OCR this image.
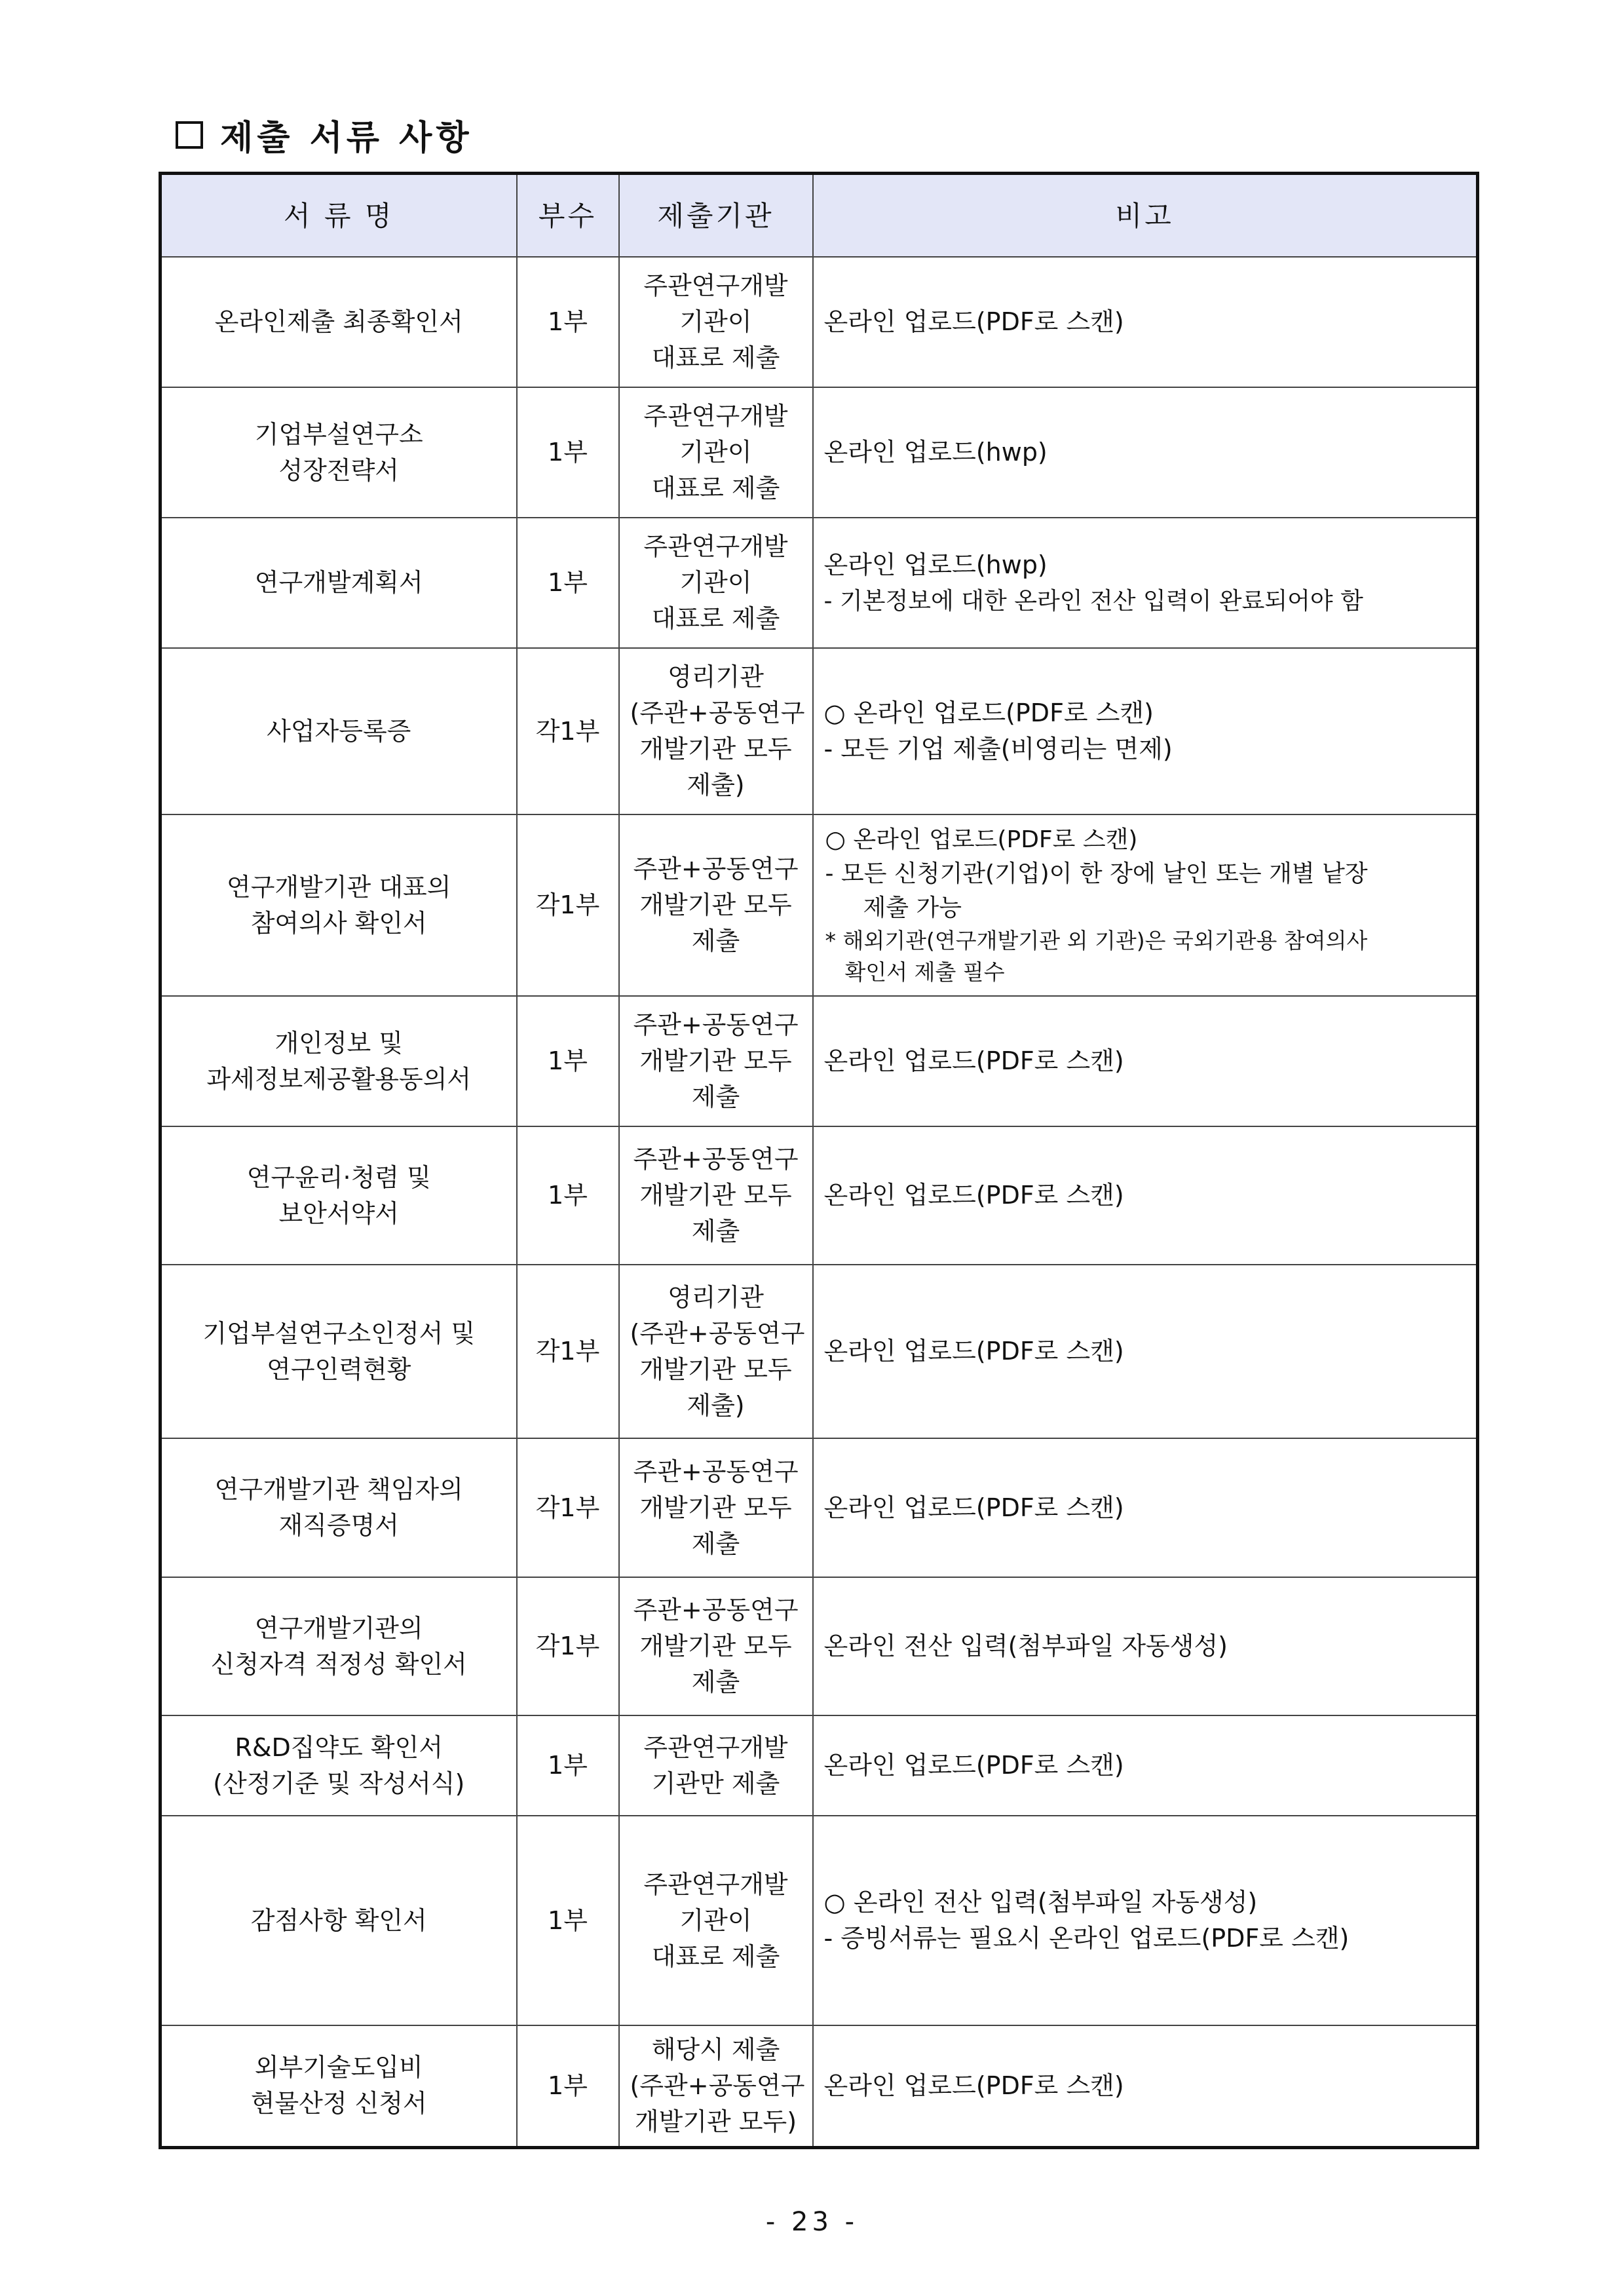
제출 서류 사항
서 류 명	부수	제출기관	비고

온라인제출 최종확인서	1부	주관연구개발
기관이
대표로 제출	온라인 업로드(PDF로 스캔)

기업부설연구소
성장전략서	1부	주관연구개발
기관이
대표로 제출	온라인 업로드(hwp)

연구개발계획서	1부	주관연구개발
기관이
대표로 제출	온라인 업로드(hwp)
- 기본정보에 대한 온라인 전산 입력이 완료되어야 함

사업자등록증	각1부	영리기관
(주관+공동연구
개발기관 모두
제출)	○ 온라인 업로드(PDF로 스캔)
- 모든 기업 제출(비영리는 면제)

연구개발기관 대표의
참여의사 확인서	각1부	주관+공동연구
개발기관 모두
제출	○ 온라인 업로드(PDF로 스캔)
- 모든 신청기관(기업)이 한 장에 날인 또는 개별 낱장
제출 가능
* 해외기관(연구개발기관 외 기관)은 국외기관용 참여의사
확인서 제출 필수

개인정보 및
과세정보제공활용동의서	1부	주관+공동연구
개발기관 모두
제출	온라인 업로드(PDF로 스캔)

연구윤리·청렴 및
보안서약서	1부	주관+공동연구
개발기관 모두
제출	온라인 업로드(PDF로 스캔)

기업부설연구소인정서 및
연구인력현황	각1부	영리기관
(주관+공동연구
개발기관 모두
제출)	온라인 업로드(PDF로 스캔)

연구개발기관 책임자의
재직증명서	각1부	주관+공동연구
개발기관 모두
제출	온라인 업로드(PDF로 스캔)

연구개발기관의
신청자격 적정성 확인서	각1부	주관+공동연구
개발기관 모두
제출	온라인 전산 입력(첨부파일 자동생성)

R&D집약도 확인서
(산정기준 및 작성서식)	1부	주관연구개발
기관만 제출	온라인 업로드(PDF로 스캔)

감점사항 확인서	1부	주관연구개발
기관이
대표로 제출	○ 온라인 전산 입력(첨부파일 자동생성)
- 증빙서류는 필요시 온라인 업로드(PDF로 스캔)

외부기술도입비
현물산정 신청서	1부	해당시 제출
(주관+공동연구
개발기관 모두)	온라인 업로드(PDF로 스캔)
- 23 -
